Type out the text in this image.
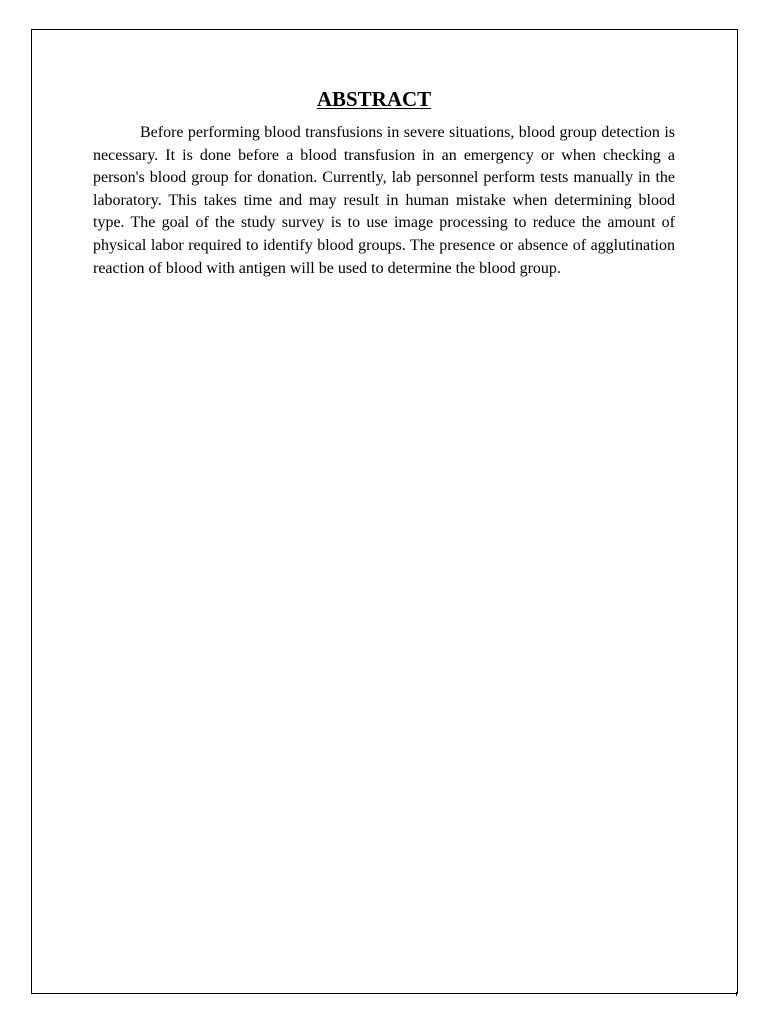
ABSTRACT

Before performing blood transfusions in severe situations, blood group detection is necessary. It is done before a blood transfusion in an emergency or when checking a person's blood group for donation. Currently, lab personnel perform tests manually in the laboratory. This takes time and may result in human mistake when determining blood type. The goal of the study survey is to use image processing to reduce the amount of physical labor required to identify blood groups. The presence or absence of agglutination reaction of blood with antigen will be used to determine the blood group.
